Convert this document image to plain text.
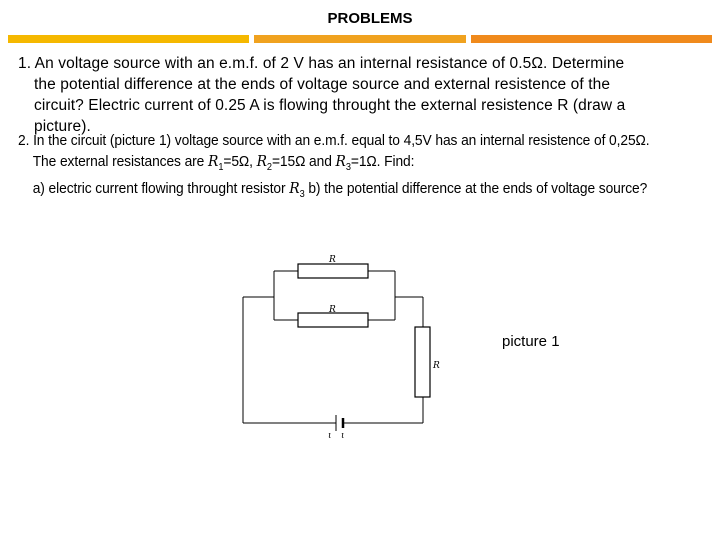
PROBLEMS
1. An voltage source with an e.m.f. of 2 V has an internal resistance of 0.5Ω. Determine
the potential difference at the ends of voltage source and external resistence of the
circuit? Electric current of 0.25 A is flowing throught the external resistence R (draw a
picture).
2. In the circuit (picture 1) voltage source with an e.m.f. equal to 4,5V has an internal resistence of 0,25Ω.
The external resistances are $R_1=5\Omega$, $R_2=15\Omega$ and $R_3=1\Omega$. Find:
a) electric current flowing throught resistor $R_3$ b) the potential difference at the ends of voltage source?
R
R
R
ι ι
picture 1
